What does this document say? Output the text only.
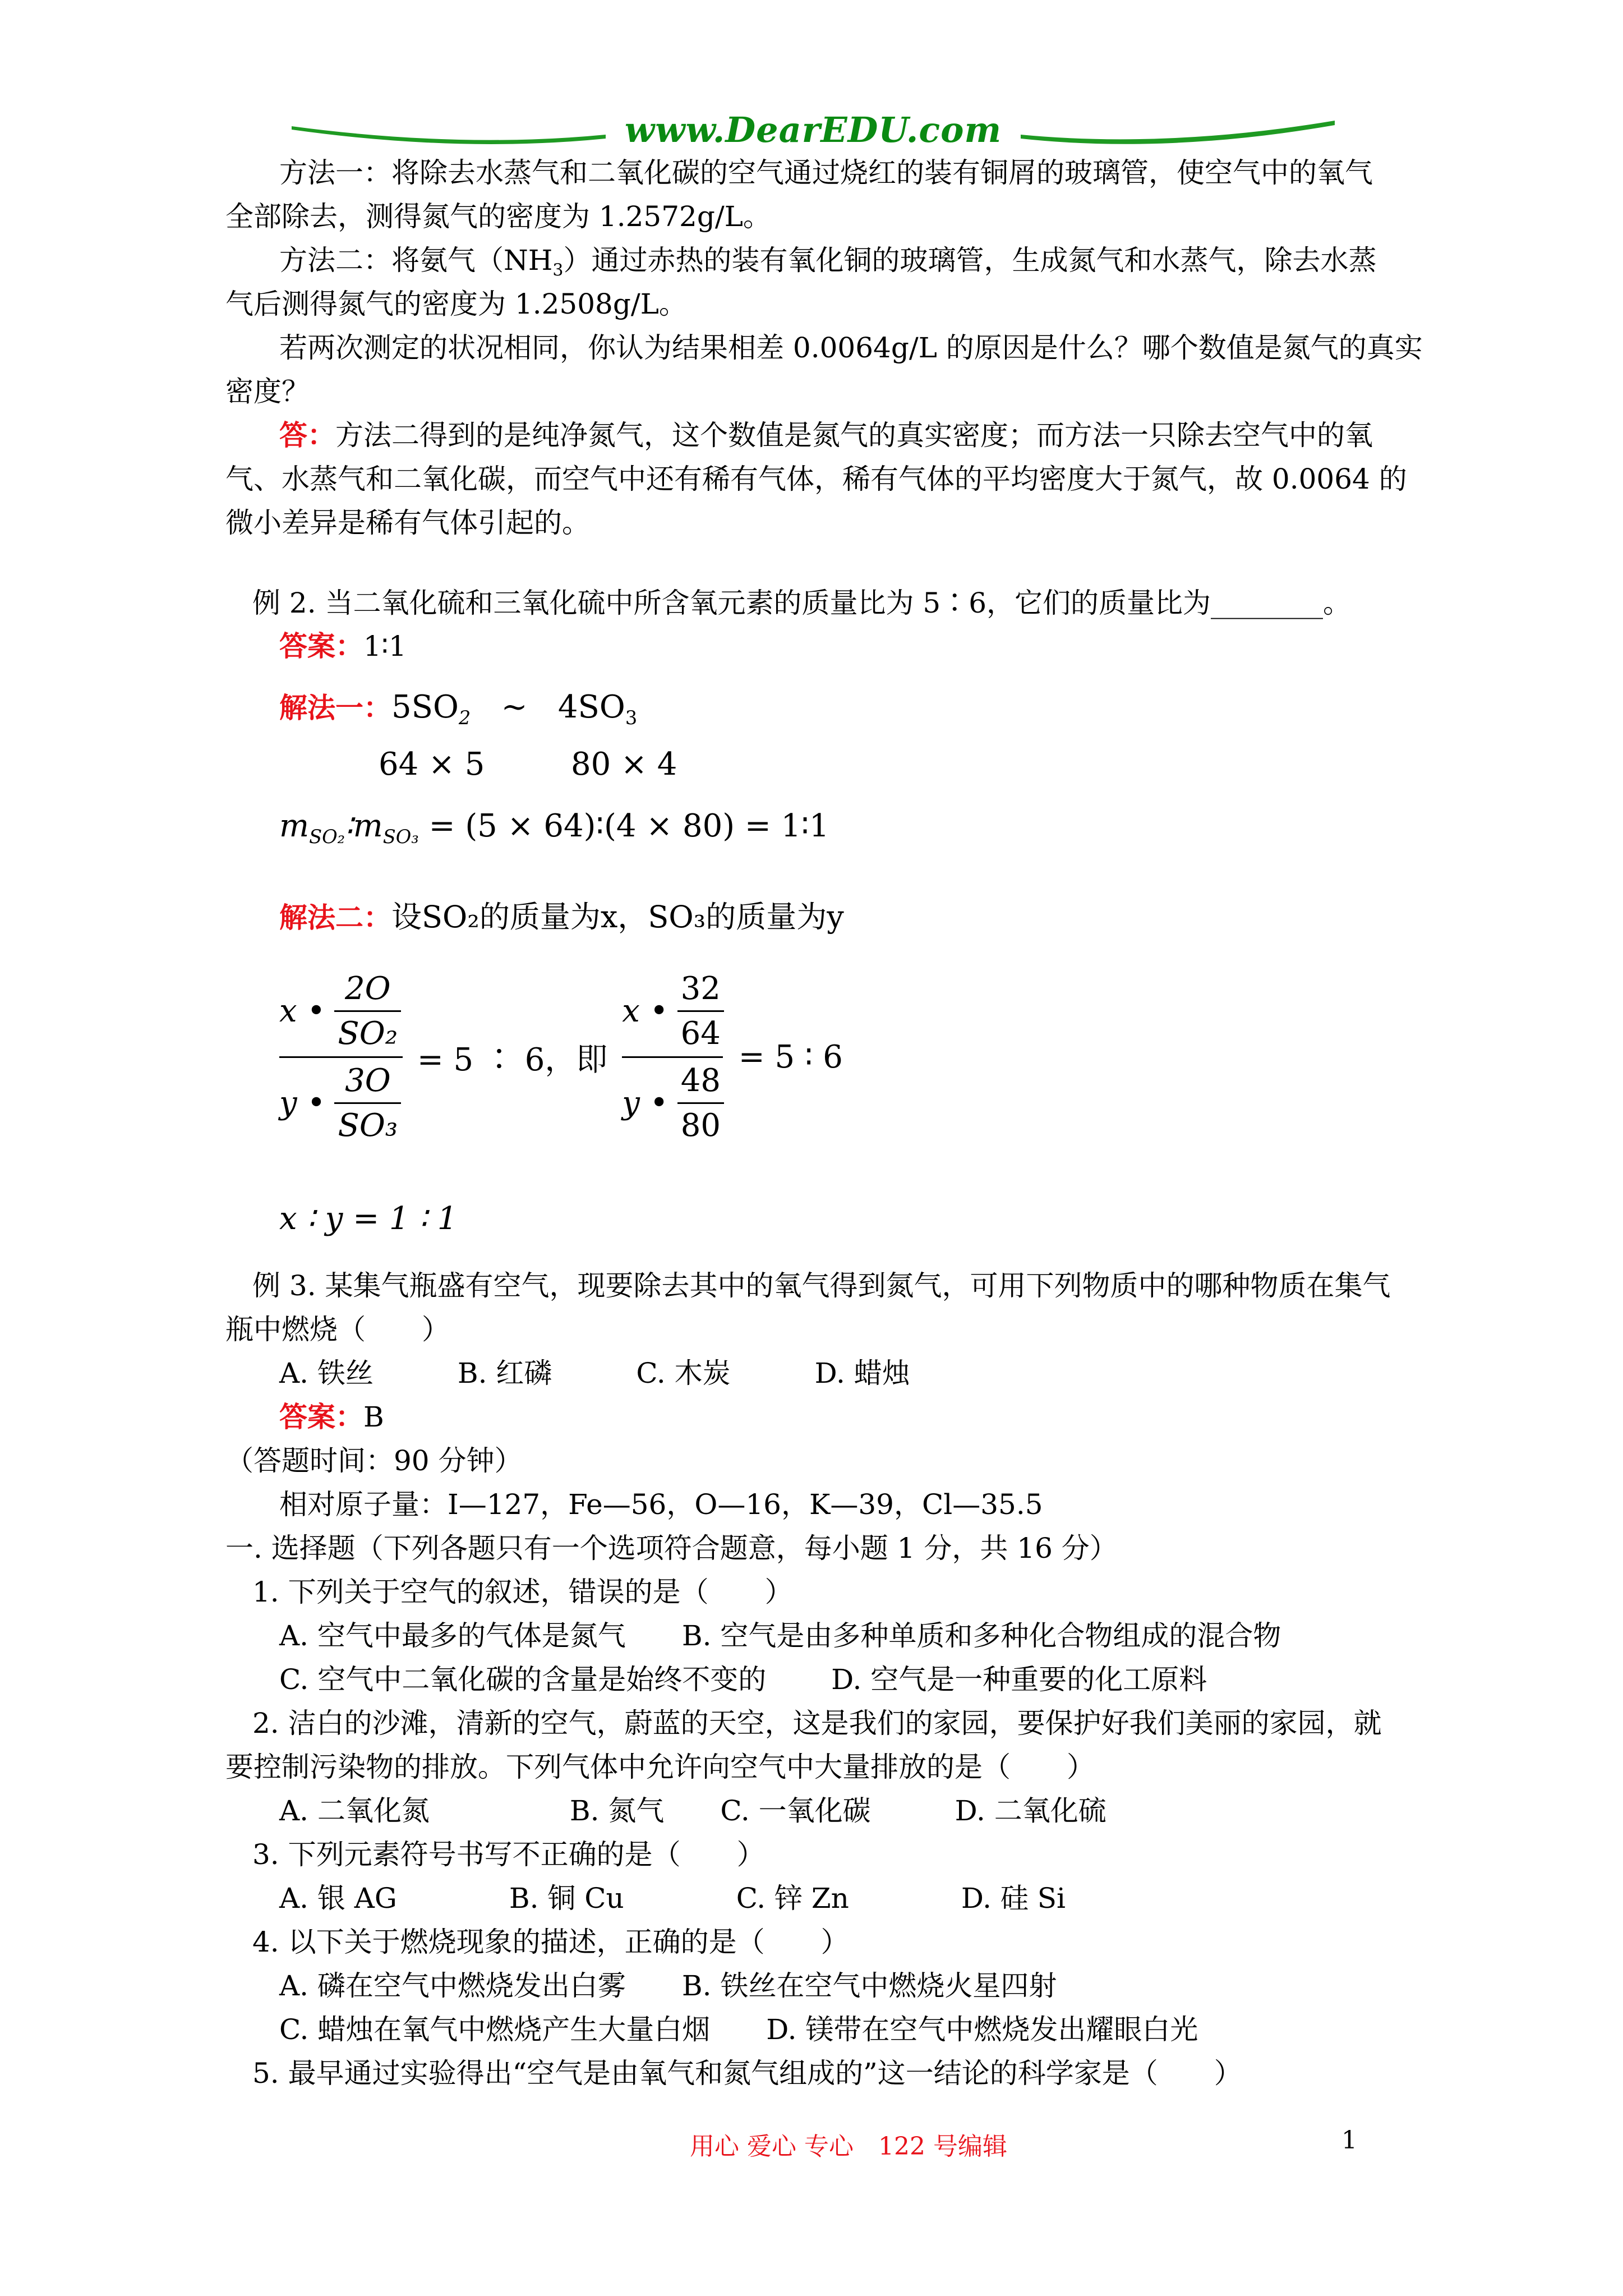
www.DearEDU.com
方法一：将除去水蒸气和二氧化碳的空气通过烧红的装有铜屑的玻璃管，使空气中的氧气
全部除去，测得氮气的密度为 1.2572g/L。
方法二：将氨气$(NH_3)$通过赤热的装有氧化铜的玻璃管，生成氮气和水蒸气，除去水蒸
气后测得氮气的密度为 1.2508g/L。
若两次测定的状况相同，你认为结果相差 0.0064g/L 的原因是什么？哪个数值是氮气的真实
密度？
答：方法二得到的是纯净氮气，这个数值是氮气的真实密度；而方法一只除去空气中的氧
气、水蒸气和二氧化碳，而空气中还有稀有气体，稀有气体的平均密度大于氮气，故 0.0064 的
微小差异是稀有气体引起的。
例 2. 当二氧化硫和三氧化硫中所含氧元素的质量比为 5∶6，它们的质量比为________。
答案：1∶1
解法一：$5SO_2$ ~ $4SO_3$
64 × 5	80 × 4
$m_{SO_2}∶m_{SO_3} = (5$ × 64)∶(4 × 80) = 1∶1
解法二：设SO₂的质量为x，SO₃的质量为y
x • $\frac{2O}{\text{SO₂}}$
y • $\frac{3O}{\text{SO₃}}$
= 5 ∶ 6，即 $\frac{x • \frac{32}{64}}{y • \frac{48}{80}} = 5$ ∶ 6
x ∶ y = 1 ∶ 1
例 3. 某集气瓶盛有空气，现要除去其中的氧气得到氮气，可用下列物质中的哪种物质在集气
瓶中燃烧（　　）
A. 铁丝　　　B. 红磷　　　C. 木炭　　　D. 蜡烛
答案：B
（答题时间：90 分钟）
相对原子量：I—127，Fe—56，O—16，K—39，Cl—35.5
一. 选择题（下列各题只有一个选项符合题意，每小题 1 分，共 16 分）
1. 下列关于空气的叙述，错误的是（　　）
A. 空气中最多的气体是氮气　　B. 空气是由多种单质和多种化合物组成的混合物
C. 空气中二氧化碳的含量是始终不变的　　 D. 空气是一种重要的化工原料
2. 洁白的沙滩，清新的空气，蔚蓝的天空，这是我们的家园，要保护好我们美丽的家园，就
要控制污染物的排放。下列气体中允许向空气中大量排放的是（　　）
A. 二氧化氮　　　　　B. 氮气　　C. 一氧化碳　　　D. 二氧化硫
3. 下列元素符号书写不正确的是（　　）
A. 银 AG　　　　B. 铜 Cu　　　　C. 锌 Zn　　　　D. 硅 Si
4. 以下关于燃烧现象的描述，正确的是（　　）
A. 磷在空气中燃烧发出白雾　　B. 铁丝在空气中燃烧火星四射
C. 蜡烛在氧气中燃烧产生大量白烟　　D. 镁带在空气中燃烧发出耀眼白光
5. 最早通过实验得出“空气是由氧气和氮气组成的”这一结论的科学家是（　　）
用心 爱心 专心　122 号编辑	1
